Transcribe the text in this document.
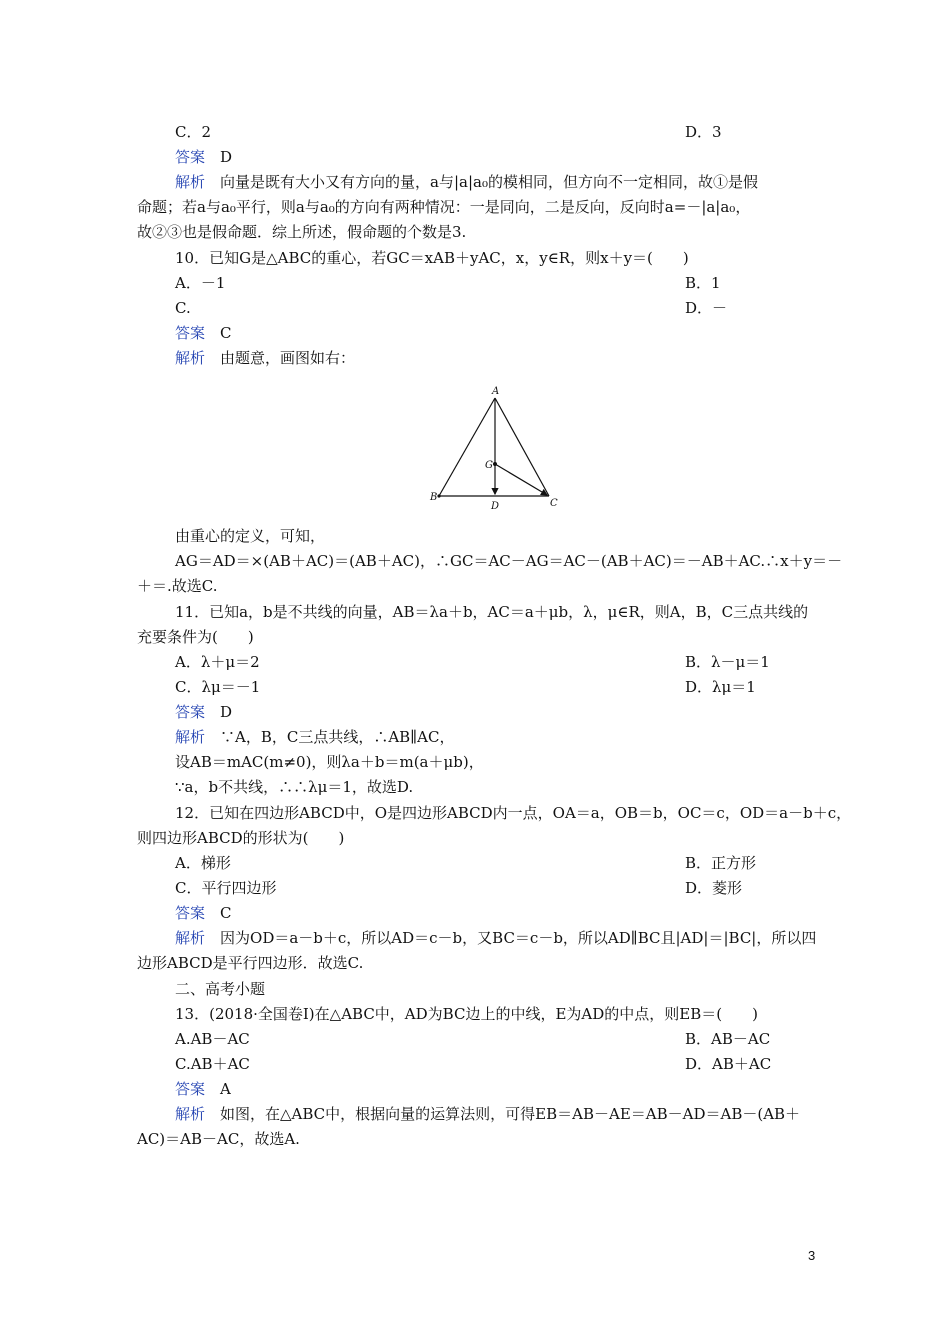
C．2	D．3
答案　D
解析　向量是既有大小又有方向的量，a与|a|a₀的模相同，但方向不一定相同，故①是假
命题；若a与a₀平行，则a与a₀的方向有两种情况：一是同向，二是反向，反向时a=－|a|a₀，
故②③也是假命题．综上所述，假命题的个数是3.
10．已知G是△ABC的重心，若GC＝xAB＋yAC，x，y∈R，则x＋y＝(　　)
A．－1	B．1
C.	D．－
答案　C
解析　由题意，画图如右：
A
G
B
D	C
由重心的定义，可知，
AG＝AD＝×(AB＋AC)＝(AB＋AC)，∴GC＝AC－AG＝AC－(AB＋AC)＝－AB＋AC.∴x＋y＝－
＋＝.故选C.
11．已知a，b是不共线的向量，AB＝λa＋b，AC＝a＋μb，λ，μ∈R，则A，B，C三点共线的
充要条件为(　　)
A．λ＋μ＝2	B．λ－μ＝1
C．λμ＝－1	D．λμ＝1
答案　D
解析　∵A，B，C三点共线，∴AB∥AC，
设AB＝mAC(m≠0)，则λa＋b＝m(a＋μb)，
∵a，b不共线，∴∴λμ＝1，故选D.
12．已知在四边形ABCD中，O是四边形ABCD内一点，OA＝a，OB＝b，OC＝c，OD＝a－b＋c，
则四边形ABCD的形状为(　　)
A．梯形	B．正方形
C．平行四边形	D．菱形
答案　C
解析　因为OD＝a－b＋c，所以AD＝c－b，又BC＝c－b，所以AD∥BC且|AD|＝|BC|，所以四
边形ABCD是平行四边形．故选C.
二、高考小题
13．(2018·全国卷Ⅰ)在△ABC中，AD为BC边上的中线，E为AD的中点，则EB＝(　　)
A.AB－AC	B．AB－AC
C.AB＋AC	D．AB＋AC
答案　A
解析　如图，在△ABC中，根据向量的运算法则，可得EB＝AB－AE＝AB－AD＝AB－(AB＋
AC)＝AB－AC，故选A.
3
